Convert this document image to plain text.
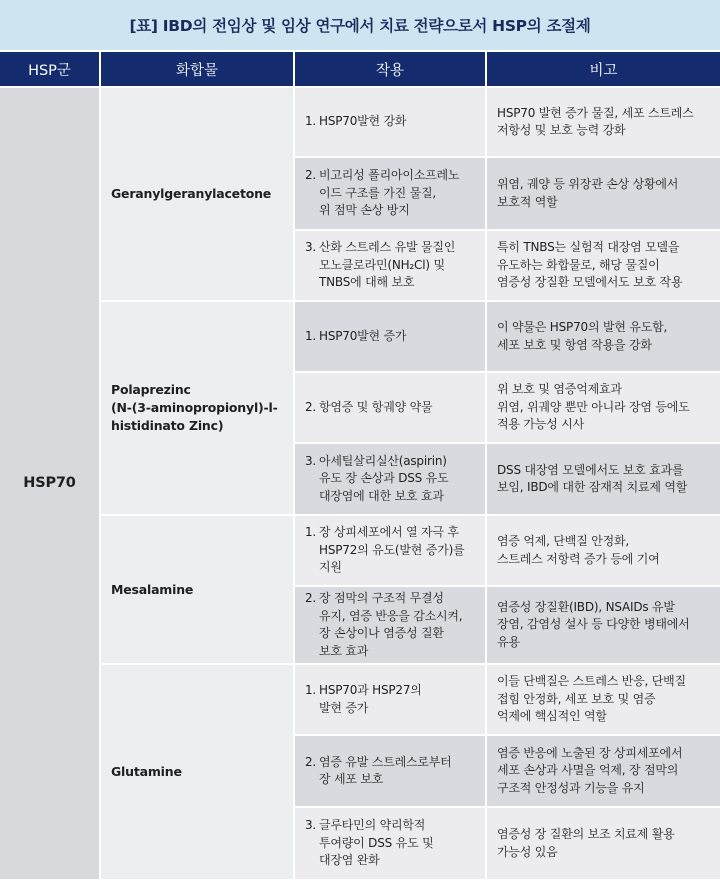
[표] IBD의 전임상 및 임상 연구에서 치료 전략으로서 HSP의 조절제
HSP군	화합물	작용	비고
HSP70	Geranylgeranylacetone	1. HSP70발현 강화	HSP70 발현 증가 물질, 세포 스트레스
저항성 및 보호 능력 강화

		2. 비고리성 폴리아이소프레노
이드 구조를 가진 물질,
위 점막 손상 방지	위염, 궤양 등 위장관 손상 상황에서
보호적 역할

		3. 산화 스트레스 유발 물질인
모노클로라민(NH₂Cl) 및
TNBS에 대해 보호	특히 TNBS는 실험적 대장염 모델을
유도하는 화합물로, 해당 물질이
염증성 장질환 모델에서도 보호 작용
	Polaprezinc
(N-(3-aminopropionyl)-l-
histidinato Zinc)	1. HSP70발현 증가	이 약물은 HSP70의 발현 유도함,
세포 보호 및 항염 작용을 강화

		2. 항염증 및 항궤양 약물	위 보호 및 염증억제효과
위염, 위궤양 뿐만 아니라 장염 등에도
적용 가능성 시사

		3. 아세틸살리실산(aspirin)
유도 장 손상과 DSS 유도
대장염에 대한 보호 효과	DSS 대장염 모델에서도 보호 효과를
보임, IBD에 대한 잠재적 치료제 역할
	Mesalamine	1. 장 상피세포에서 열 자극 후
HSP72의 유도(발현 증가)를
지원	염증 억제, 단백질 안정화,
스트레스 저항력 증가 등에 기여

		2. 장 점막의 구조적 무결성
유지, 염증 반응을 감소시켜,
장 손상이나 염증성 질환
보호 효과	염증성 장질환(IBD), NSAIDs 유발
장염, 감염성 설사 등 다양한 병태에서
유용
	Glutamine	1. HSP70과 HSP27의
발현 증가	이들 단백질은 스트레스 반응, 단백질
접힘 안정화, 세포 보호 및 염증
억제에 핵심적인 역할

		2. 염증 유발 스트레스로부터
장 세포 보호	염증 반응에 노출된 장 상피세포에서
세포 손상과 사멸을 억제, 장 점막의
구조적 안정성과 기능을 유지

		3. 글루타민의 약리학적
투여량이 DSS 유도 및
대장염 완화	염증성 장 질환의 보조 치료제 활용
가능성 있음
